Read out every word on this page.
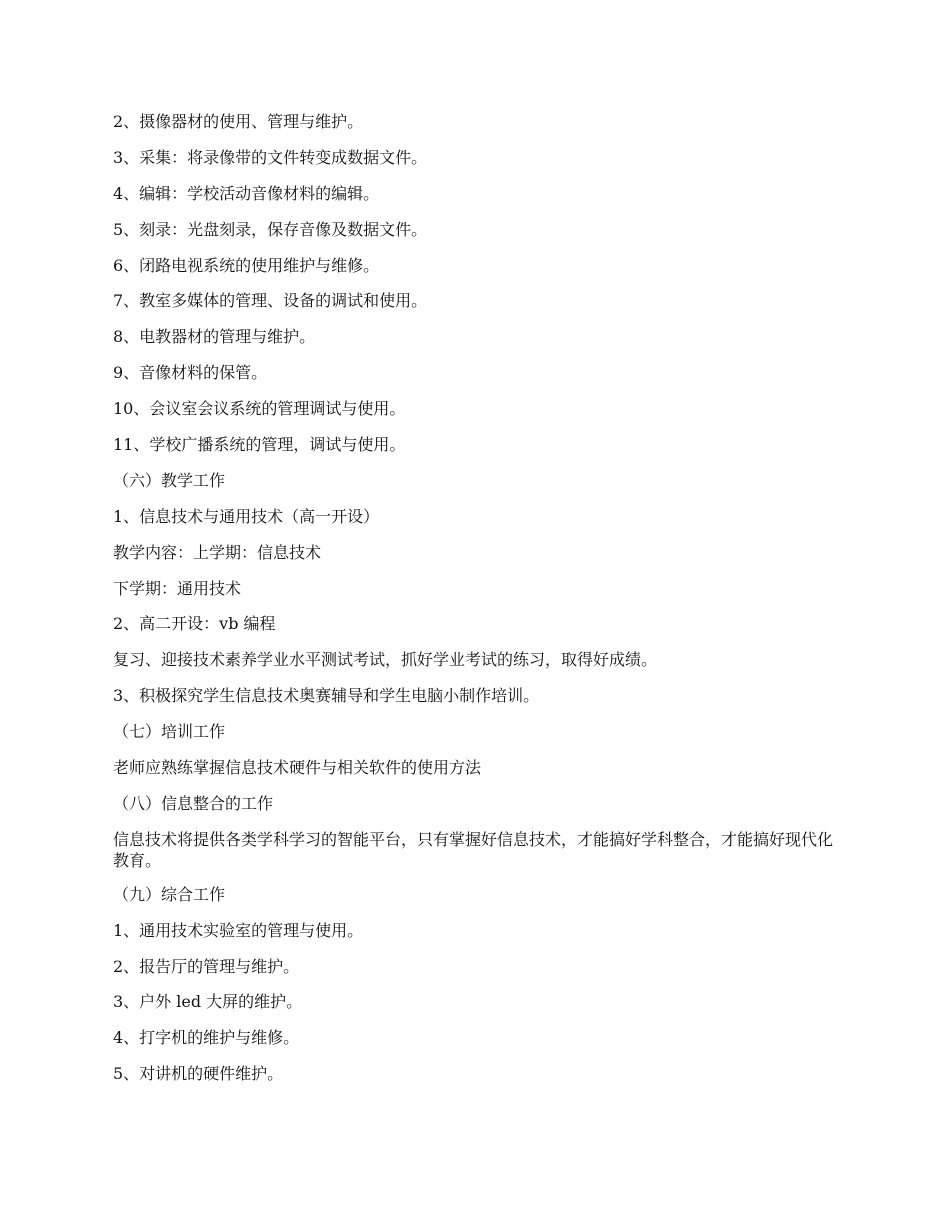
2、摄像器材的使用、管理与维护。

3、采集：将录像带的文件转变成数据文件。

4、编辑：学校活动音像材料的编辑。

5、刻录：光盘刻录，保存音像及数据文件。

6、闭路电视系统的使用维护与维修。

7、教室多媒体的管理、设备的调试和使用。

8、电教器材的管理与维护。

9、音像材料的保管。

10、会议室会议系统的管理调试与使用。

11、学校广播系统的管理，调试与使用。

（六）教学工作

1、信息技术与通用技术（高一开设）

教学内容：上学期：信息技术

下学期：通用技术

2、高二开设：vb 编程

复习、迎接技术素养学业水平测试考试，抓好学业考试的练习，取得好成绩。

3、积极探究学生信息技术奥赛辅导和学生电脑小制作培训。

（七）培训工作

老师应熟练掌握信息技术硬件与相关软件的使用方法

（八）信息整合的工作

信息技术将提供各类学科学习的智能平台，只有掌握好信息技术，才能搞好学科整合，才能搞好现代化教育。

（九）综合工作

1、通用技术实验室的管理与使用。

2、报告厅的管理与维护。

3、户外 led 大屏的维护。

4、打字机的维护与维修。

5、对讲机的硬件维护。
